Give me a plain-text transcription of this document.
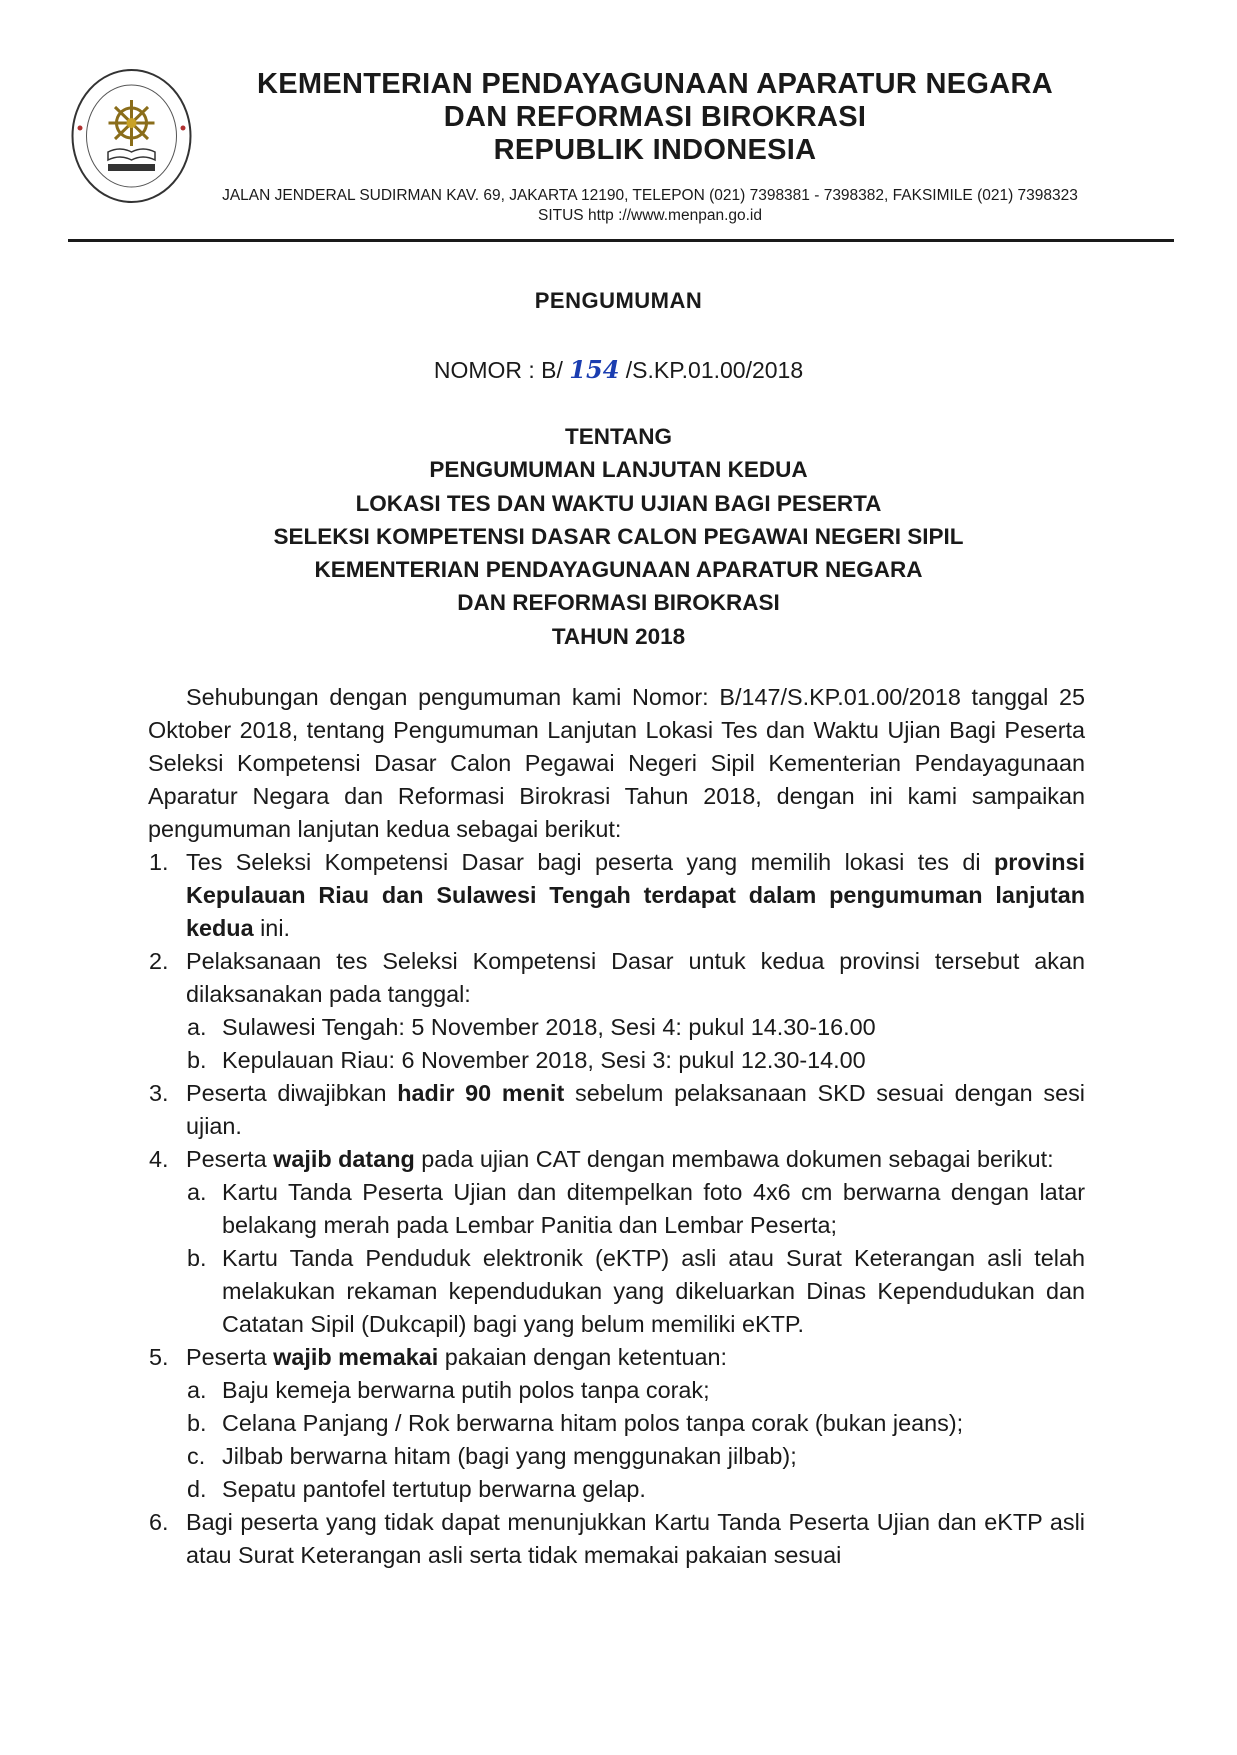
KEMENTERIAN PENDAYAGUNAAN APARATUR NEGARA
DAN REFORMASI BIROKRASI
REPUBLIK INDONESIA
JALAN JENDERAL SUDIRMAN KAV. 69, JAKARTA 12190, TELEPON (021) 7398381 - 7398382, FAKSIMILE (021) 7398323
SITUS http ://www.menpan.go.id
PENGUMUMAN
NOMOR : B/ 154 /S.KP.01.00/2018
TENTANG
PENGUMUMAN LANJUTAN KEDUA
LOKASI TES DAN WAKTU UJIAN BAGI PESERTA
SELEKSI KOMPETENSI DASAR CALON PEGAWAI NEGERI SIPIL
KEMENTERIAN PENDAYAGUNAAN APARATUR NEGARA
DAN REFORMASI BIROKRASI
TAHUN 2018

Sehubungan dengan pengumuman kami Nomor: B/147/S.KP.01.00/2018 tanggal 25 Oktober 2018, tentang Pengumuman Lanjutan Lokasi Tes dan Waktu Ujian Bagi Peserta Seleksi Kompetensi Dasar Calon Pegawai Negeri Sipil Kementerian Pendayagunaan Aparatur Negara dan Reformasi Birokrasi Tahun 2018, dengan ini kami sampaikan pengumuman lanjutan kedua sebagai berikut:

1. Tes Seleksi Kompetensi Dasar bagi peserta yang memilih lokasi tes di provinsi Kepulauan Riau dan Sulawesi Tengah terdapat dalam pengumuman lanjutan kedua ini.
2. Pelaksanaan tes Seleksi Kompetensi Dasar untuk kedua provinsi tersebut akan dilaksanakan pada tanggal:
a. Sulawesi Tengah: 5 November 2018, Sesi 4: pukul 14.30-16.00
b. Kepulauan Riau: 6 November 2018, Sesi 3: pukul 12.30-14.00
3. Peserta diwajibkan hadir 90 menit sebelum pelaksanaan SKD sesuai dengan sesi ujian.
4. Peserta wajib datang pada ujian CAT dengan membawa dokumen sebagai berikut:
a. Kartu Tanda Peserta Ujian dan ditempelkan foto 4x6 cm berwarna dengan latar belakang merah pada Lembar Panitia dan Lembar Peserta;
b. Kartu Tanda Penduduk elektronik (eKTP) asli atau Surat Keterangan asli telah melakukan rekaman kependudukan yang dikeluarkan Dinas Kependudukan dan Catatan Sipil (Dukcapil) bagi yang belum memiliki eKTP.
5. Peserta wajib memakai pakaian dengan ketentuan:
a. Baju kemeja berwarna putih polos tanpa corak;
b. Celana Panjang / Rok berwarna hitam polos tanpa corak (bukan jeans);
c. Jilbab berwarna hitam (bagi yang menggunakan jilbab);
d. Sepatu pantofel tertutup berwarna gelap.
6. Bagi peserta yang tidak dapat menunjukkan Kartu Tanda Peserta Ujian dan eKTP asli atau Surat Keterangan asli serta tidak memakai pakaian sesuai
